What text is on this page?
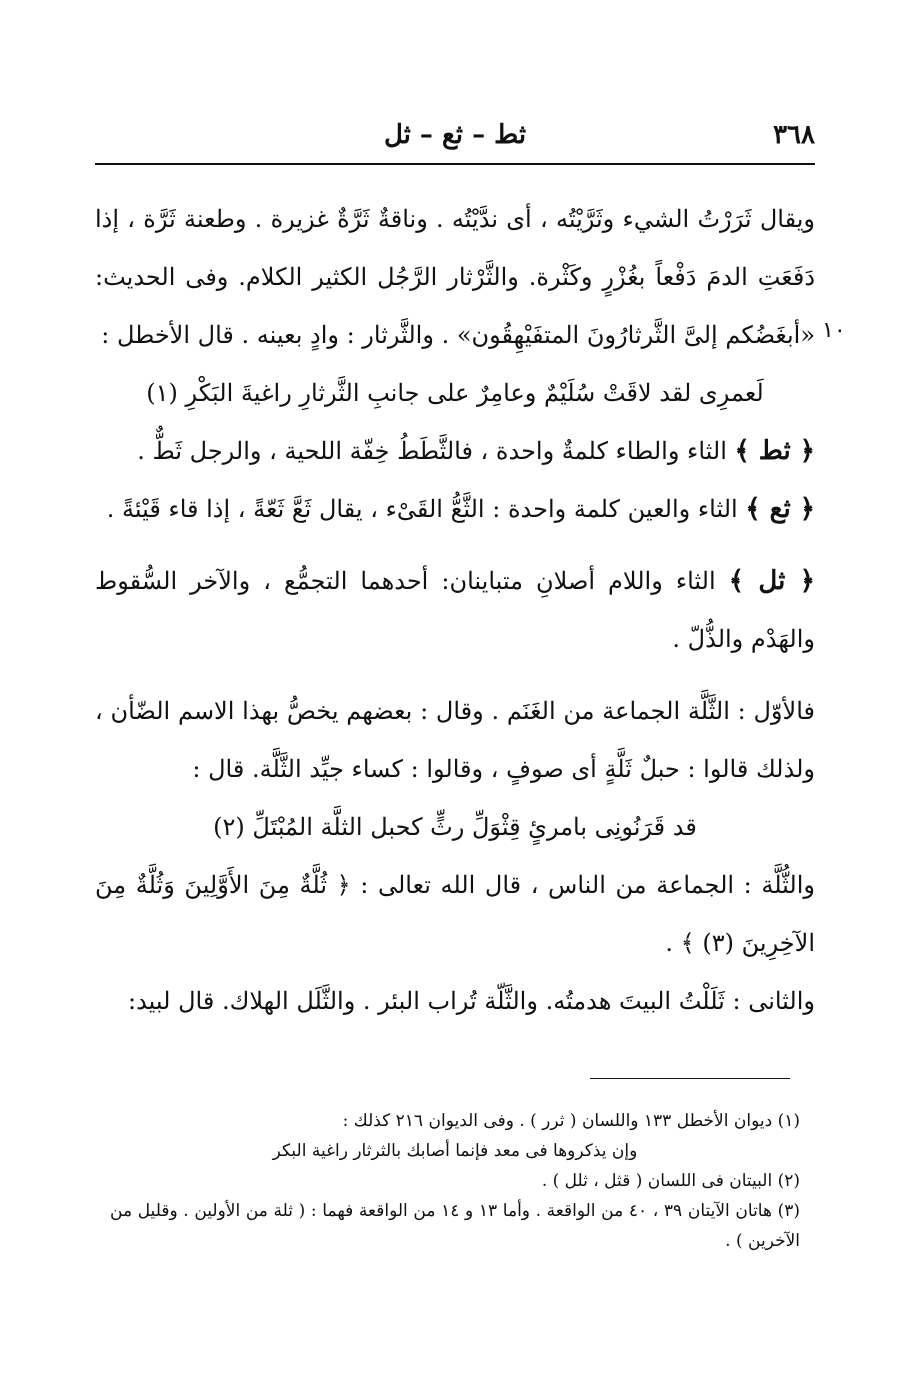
٣٦٨
ثط – ثع – ثل
١٠

ويقال ثَرَرْتُ الشيء وثَرَّيْتُه ، أى ندَّيْتُه . وناقةٌ ثَرَّةٌ غزيرة . وطعنة ثَرَّة ، إذا دَفَعَتِ الدمَ دَفْعاً بغُزْرٍ وكَثْرة. والثَّرْثار الرَّجُل الكثير الكلام. وفى الحديث: «أبغَضُكم إلىَّ الثَّرثارُونَ المتفَيْهِقُون» . والثَّرثار : وادٍ بعينه . قال الأخطل :

لَعمرِى لقد لاقَتْ سُلَيْمٌ وعامِرٌ على جانبِ الثَّرثارِ راغيةَ البَكْرِ (١)

﴿ ثط ﴾ الثاء والطاء كلمةٌ واحدة ، فالثَّطَطُ خِفّة اللحية ، والرجل ثَطٌّ .

﴿ ثع ﴾ الثاء والعين كلمة واحدة : الثَّعُّ القَىْء ، يقال ثَعَّ ثَعّةً ، إذا قاء قَيْئةً .

﴿ ثل ﴾ الثاء واللام أصلانِ متباينان: أحدهما التجمُّع ، والآخر السُّقوط والهَدْم والذُّلّ .

فالأوّل : الثَّلَّة الجماعة من الغَنَم . وقال : بعضهم يخصُّ بهذا الاسم الضّأن ، ولذلك قالوا : حبلٌ ثَلَّةٍ أى صوفٍ ، وقالوا : كساء جيِّد الثَّلَّة. قال :

قد قَرَنُونِى بامرئٍ قِثْوَلِّ رثٍّ كحبل الثلَّة المُبْتَلِّ (٢)

والثُّلَّة : الجماعة من الناس ، قال الله تعالى : ﴿ ثُلَّةٌ مِنَ الأَوَّلِينَ وَثُلَّةٌ مِنَ الآخِرِينَ (٣) ﴾ .

والثانى : ثَلَلْتُ البيتَ هدمتُه. والثَّلّة تُراب البئر . والثَّلَل الهلاك. قال لبيد:

(١) ديوان الأخطل ١٣٣ واللسان ( ثرر ) . وفى الديوان ٢١٦ كذلك :

وإن يذكروها فى معد فإنما أصابك بالثرثار راغية البكر

(٢) البيتان فى اللسان ( قثل ، ثلل ) .

(٣) هاتان الآيتان ٣٩ ، ٤٠ من الواقعة . وأما ١٣ و ١٤ من الواقعة فهما : ( ثلة من الأولين . وقليل من الآخرين ) .
